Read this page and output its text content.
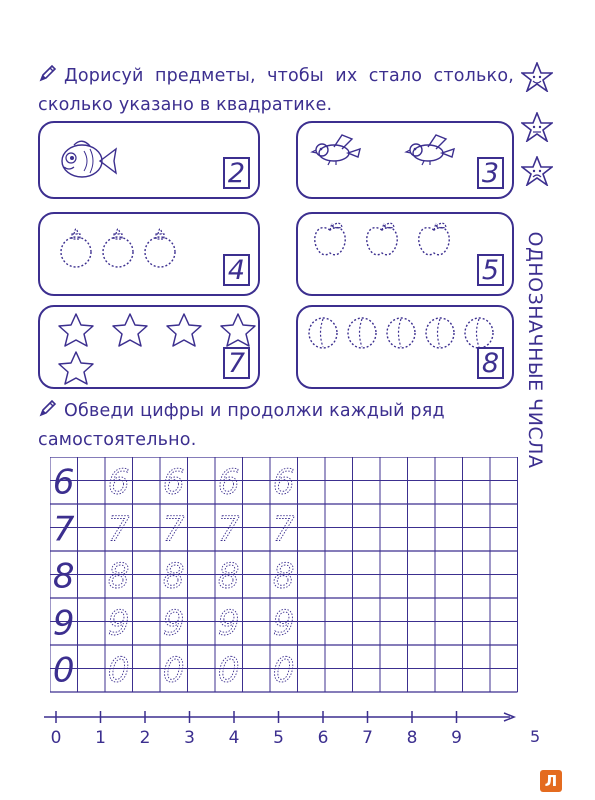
ОДНОЗНАЧНЫЕ ЧИСЛА
Дорисуй предметы, чтобы их стало столько, сколько указано в квадратике.
2	3
4	5
7	8
Обведи цифры и продолжи каждый ряд самостоятельно.
6 6 6 6 6
7 7 7 7 7
8 8 8 8 8
9 9 9 9 9
0 0 0 0 0
0 1 2 3 4 5 6 7 8 9	5
Л
